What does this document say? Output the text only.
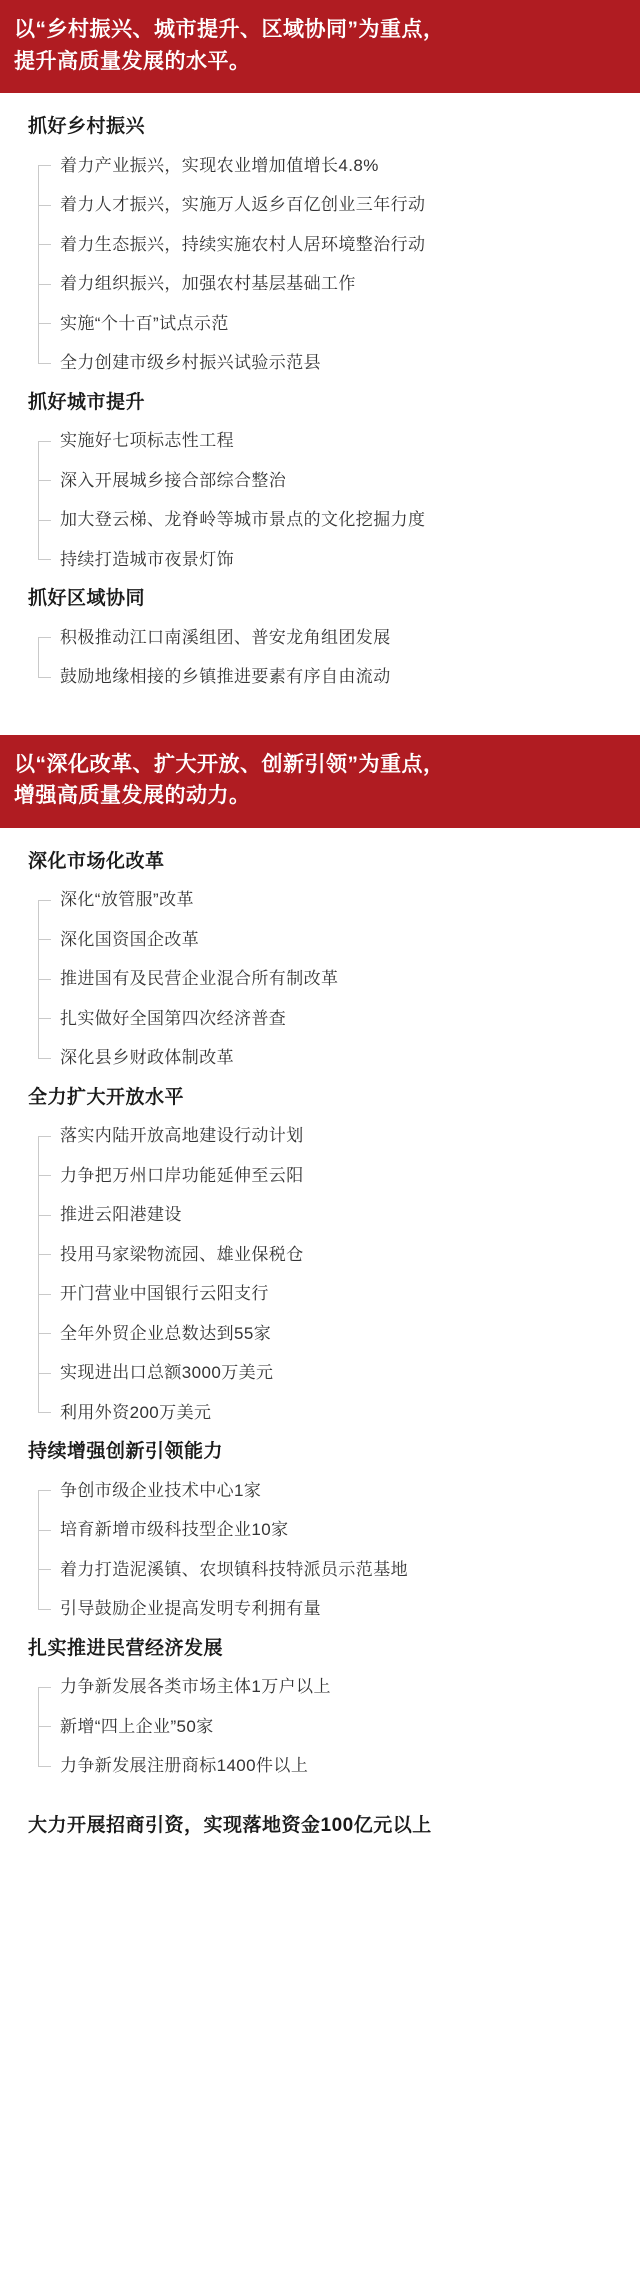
以“乡村振兴、城市提升、区域协同”为重点，
提升高质量发展的水平。
抓好乡村振兴
着力产业振兴，实现农业增加值增长4.8%
着力人才振兴，实施万人返乡百亿创业三年行动
着力生态振兴，持续实施农村人居环境整治行动
着力组织振兴，加强农村基层基础工作
实施“个十百”试点示范
全力创建市级乡村振兴试验示范县
抓好城市提升
实施好七项标志性工程
深入开展城乡接合部综合整治
加大登云梯、龙脊岭等城市景点的文化挖掘力度
持续打造城市夜景灯饰
抓好区域协同
积极推动江口南溪组团、普安龙角组团发展
鼓励地缘相接的乡镇推进要素有序自由流动
以“深化改革、扩大开放、创新引领”为重点，
增强高质量发展的动力。
深化市场化改革
深化“放管服”改革
深化国资国企改革
推进国有及民营企业混合所有制改革
扎实做好全国第四次经济普查
深化县乡财政体制改革
全力扩大开放水平
落实内陆开放高地建设行动计划
力争把万州口岸功能延伸至云阳
推进云阳港建设
投用马家梁物流园、雄业保税仓
开门营业中国银行云阳支行
全年外贸企业总数达到55家
实现进出口总额3000万美元
利用外资200万美元
持续增强创新引领能力
争创市级企业技术中心1家
培育新增市级科技型企业10家
着力打造泥溪镇、农坝镇科技特派员示范基地
引导鼓励企业提高发明专利拥有量
扎实推进民营经济发展
力争新发展各类市场主体1万户以上
新增“四上企业”50家
力争新发展注册商标1400件以上
大力开展招商引资，实现落地资金100亿元以上
